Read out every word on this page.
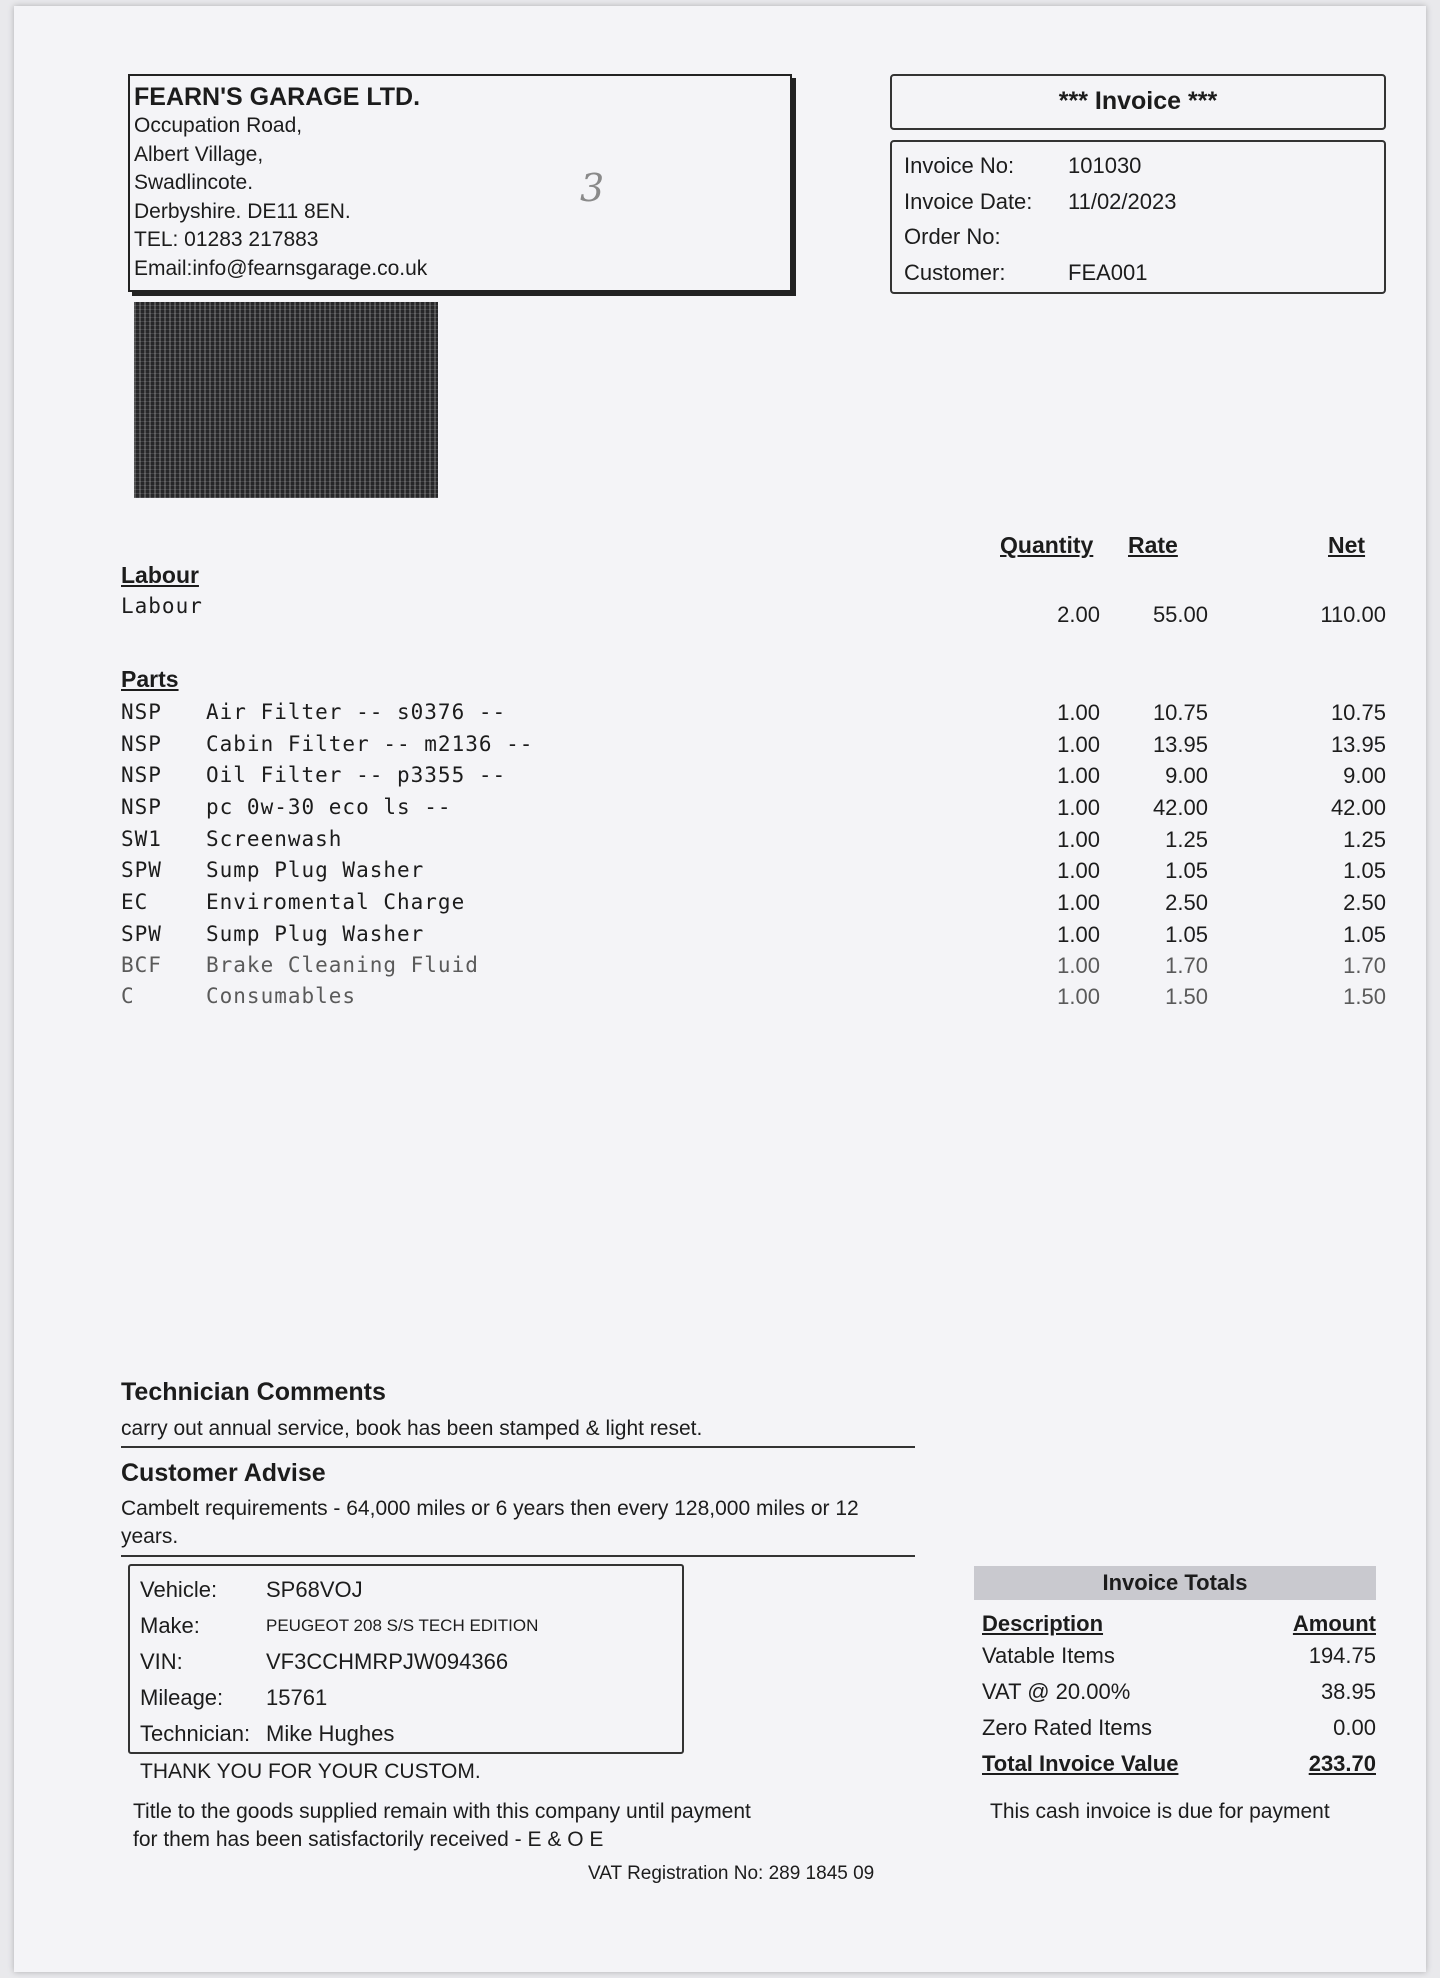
FEARN'S GARAGE LTD.
Occupation Road,
Albert Village,
Swadlincote.
Derbyshire. DE11 8EN.
TEL: 01283 217883
Email:info@fearnsgarage.co.uk
3
*** Invoice ***
Invoice No:	101030
Invoice Date:	11/02/2023
Order No:
Customer:	FEA001
Quantity Rate	Net
Labour
Labour	2.00	55.00	110.00
Parts
NSP Air Filter -- s0376 --	1.00	10.75	10.75
NSP Cabin Filter -- m2136 --	1.00	13.95	13.95
NSP Oil Filter -- p3355 --	1.00	9.00	9.00
NSP pc 0w-30 eco ls --	1.00	42.00	42.00
SW1 Screenwash	1.00	1.25	1.25
SPW Sump Plug Washer	1.00	1.05	1.05
EC	Enviromental Charge	1.00	2.50	2.50
SPW Sump Plug Washer	1.00	1.05	1.05
BCF Brake Cleaning Fluid	1.00	1.70	1.70
C	Consumables	1.00	1.50	1.50
Technician Comments
carry out annual service, book has been stamped & light reset.
Customer Advise
Cambelt requirements - 64,000 miles or 6 years then every 128,000 miles or 12 years.
Vehicle:	SP68VOJ
Make:	PEUGEOT 208 S/S TECH EDITION
VIN:	VF3CCHMRPJW094366
Mileage:	15761
Technician: Mike Hughes
THANK YOU FOR YOUR CUSTOM.
Title to the goods supplied remain with this company until payment
for them has been satisfactorily received - E & O E
VAT Registration No: 289 1845 09
Invoice Totals
Description	Amount
Vatable Items	194.75
VAT @ 20.00%	38.95
Zero Rated Items	0.00
Total Invoice Value	233.70
This cash invoice is due for payment
